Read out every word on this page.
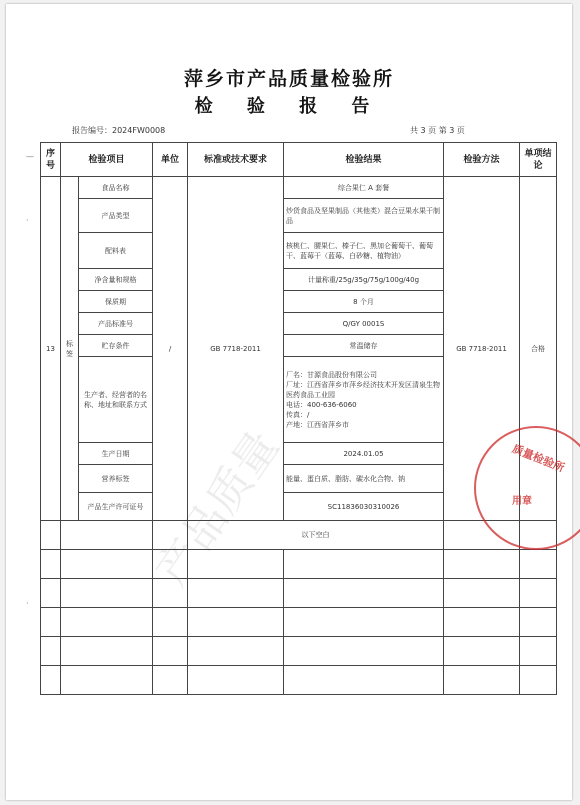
产品质量
萍乡市产品质量检验所
检 验 报 告
报告编号：2024FW0008	共 3 页 第 3 页
—
·
·
序号	检验项目		单位	标准或技术要求	检验结果	检验方法	单项结论
13	标签	食品名称	/	GB 7718-2011	综合果仁 A 套餐	GB 7718-2011	合格
		产品类型			炒货食品及坚果制品（其他类）混合豆果水果干制品		
		配料表			核桃仁、腰果仁、榛子仁、黑加仑葡萄干、葡萄干、蓝莓干（蓝莓、白砂糖、植物油）		
		净含量和规格			计量称重/25g/35g/75g/100g/40g		
		保质期			8 个月		
		产品标准号			Q/GY 0001S		
		贮存条件			常温储存		
		生产者、经营者的名称、地址和联系方式			厂名：甘源食品股份有限公司
厂址：江西省萍乡市萍乡经济技术开发区清泉生物医药食品工业园
电话：400-636-6060
传真：/
产地：江西省萍乡市		

		生产日期			2024.01.05		
		营养标签			能量、蛋白质、脂肪、碳水化合物、钠		
		产品生产许可证号			SC11836030310026		
				以下空白			

质量检验所
用章
